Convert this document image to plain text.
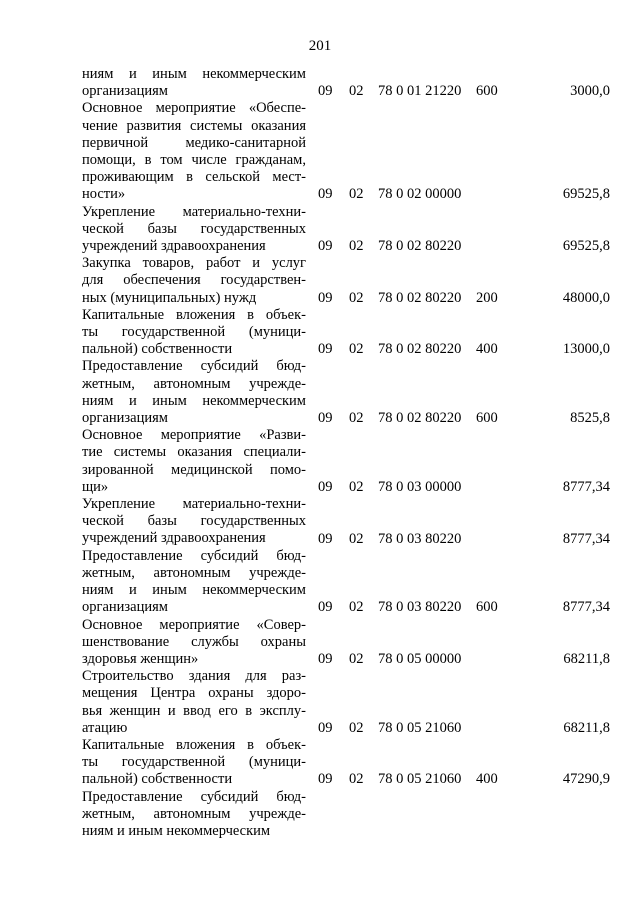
201
ниям и иным некоммерческим
организациям	09 02 78 0 01 21220 600	3000,0
Основное мероприятие «Обеспе-
чение развития системы оказания
первичной медико-санитарной
помощи, в том числе гражданам,
проживающим в сельской мест-
ности»	09 02 78 0 02 00000	69525,8
Укрепление материально-техни-
ческой базы государственных
учреждений здравоохранения	09 02 78 0 02 80220	69525,8
Закупка товаров, работ и услуг
для обеспечения государствен-
ных (муниципальных) нужд	09 02 78 0 02 80220 200	48000,0
Капитальные вложения в объек-
ты государственной (муници-
пальной) собственности	09 02 78 0 02 80220 400	13000,0
Предоставление субсидий бюд-
жетным, автономным учрежде-
ниям и иным некоммерческим
организациям	09 02 78 0 02 80220 600	8525,8
Основное мероприятие «Разви-
тие системы оказания специали-
зированной медицинской помо-
щи»	09 02 78 0 03 00000	8777,34
Укрепление материально-техни-
ческой базы государственных
учреждений здравоохранения	09 02 78 0 03 80220	8777,34
Предоставление субсидий бюд-
жетным, автономным учрежде-
ниям и иным некоммерческим
организациям	09 02 78 0 03 80220 600	8777,34
Основное мероприятие «Совер-
шенствование службы охраны
здоровья женщин»	09 02 78 0 05 00000	68211,8
Строительство здания для раз-
мещения Центра охраны здоро-
вья женщин и ввод его в эксплу-
атацию	09 02 78 0 05 21060	68211,8
Капитальные вложения в объек-
ты государственной (муници-
пальной) собственности	09 02 78 0 05 21060 400	47290,9
Предоставление субсидий бюд-
жетным, автономным учрежде-
ниям и иным некоммерческим
